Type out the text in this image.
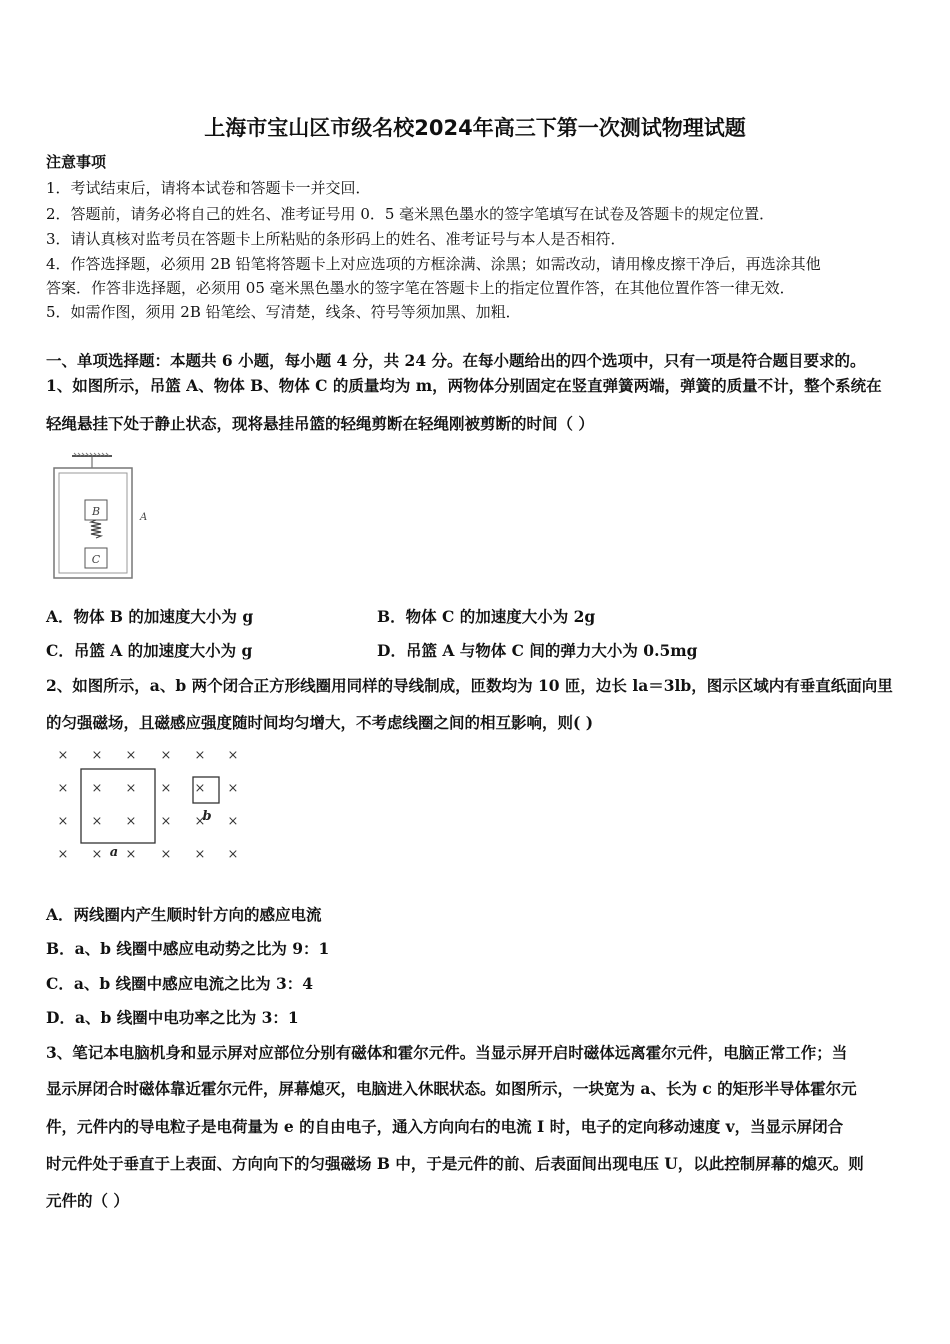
上海市宝山区市级名校2024年高三下第一次测试物理试题
注意事项
1．考试结束后，请将本试卷和答题卡一并交回．
2．答题前，请务必将自己的姓名、准考证号用 0．5 毫米黑色墨水的签字笔填写在试卷及答题卡的规定位置．
3．请认真核对监考员在答题卡上所粘贴的条形码上的姓名、准考证号与本人是否相符．
4．作答选择题，必须用 2B 铅笔将答题卡上对应选项的方框涂满、涂黑；如需改动，请用橡皮擦干净后，再选涂其他
答案．作答非选择题，必须用 05 毫米黑色墨水的签字笔在答题卡上的指定位置作答，在其他位置作答一律无效．
5．如需作图，须用 2B 铅笔绘、写清楚，线条、符号等须加黑、加粗．
一、单项选择题：本题共 6 小题，每小题 4 分，共 24 分。在每小题给出的四个选项中，只有一项是符合题目要求的。
1、如图所示，吊篮 A、物体 B、物体 C 的质量均为 m，两物体分别固定在竖直弹簧两端，弹簧的质量不计，整个系统在
轻绳悬挂下处于静止状态，现将悬挂吊篮的轻绳剪断在轻绳刚被剪断的时间（ ）
B
C
A
A．物体 B 的加速度大小为 g	B．物体 C 的加速度大小为 2g
C．吊篮 A 的加速度大小为 g	D．吊篮 A 与物体 C 间的弹力大小为 0.5mg
2、如图所示，a、b 两个闭合正方形线圈用同样的导线制成，匝数均为 10 匝，边长 la＝3lb，图示区域内有垂直纸面向里
的匀强磁场，且磁感应强度随时间均匀增大，不考虑线圈之间的相互影响，则( )
× × × × × ×
× × × × × ×
× × × × × ×
× × × × × ×
a
b
A．两线圈内产生顺时针方向的感应电流
B．a、b 线圈中感应电动势之比为 9：1
C．a、b 线圈中感应电流之比为 3：4
D．a、b 线圈中电功率之比为 3：1
3、笔记本电脑机身和显示屏对应部位分别有磁体和霍尔元件。当显示屏开启时磁体远离霍尔元件，电脑正常工作；当
显示屏闭合时磁体靠近霍尔元件，屏幕熄灭，电脑进入休眠状态。如图所示，一块宽为 a、长为 c 的矩形半导体霍尔元
件，元件内的导电粒子是电荷量为 e 的自由电子，通入方向向右的电流 I 时，电子的定向移动速度 v，当显示屏闭合
时元件处于垂直于上表面、方向向下的匀强磁场 B 中，于是元件的前、后表面间出现电压 U，以此控制屏幕的熄灭。则
元件的（ ）
